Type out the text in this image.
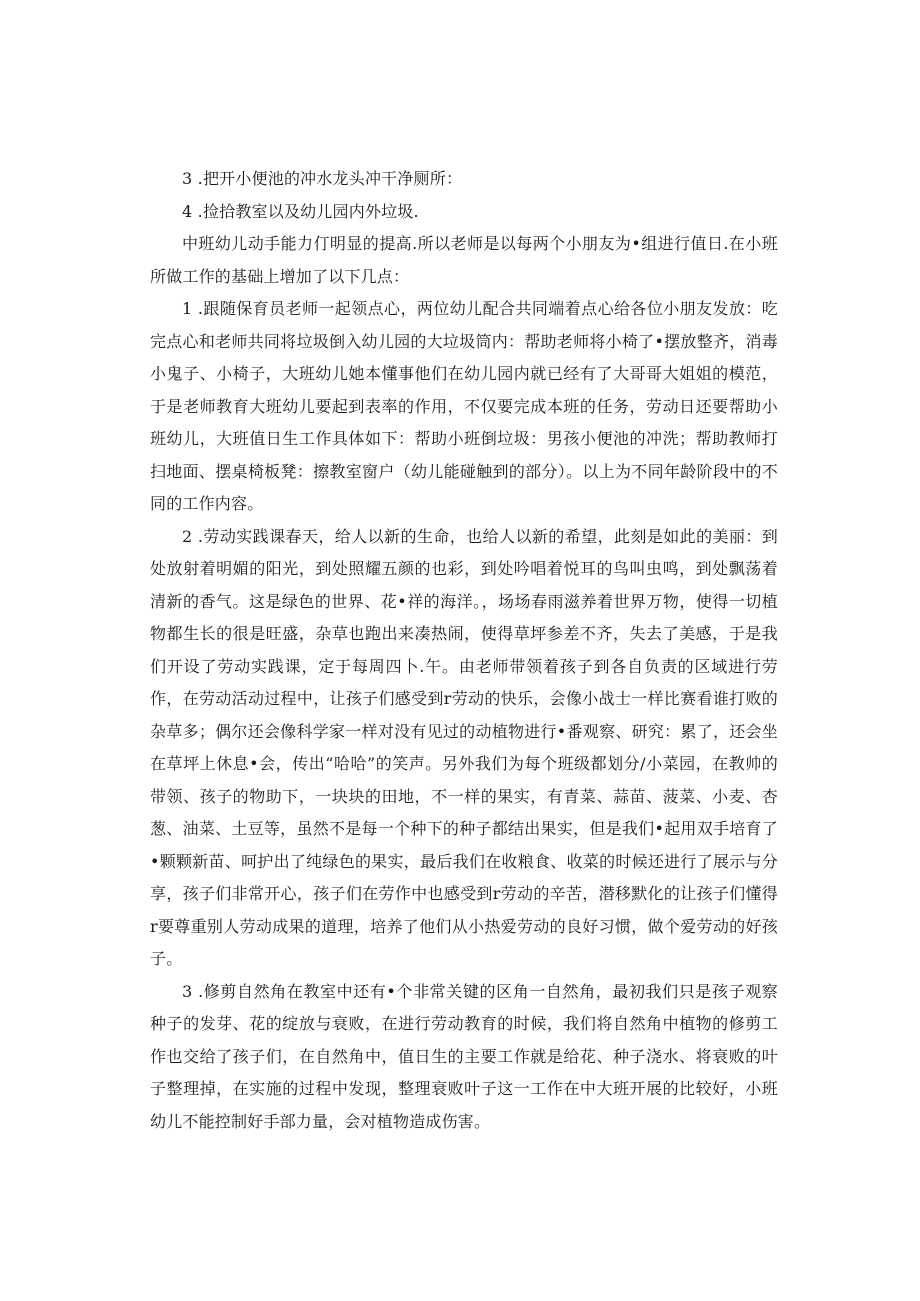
3 .把开小便池的冲水龙头冲干净厕所：

4 .捡拾教室以及幼儿园内外垃圾.

中班幼儿动手能力仃明显的提高.所以老师是以每两个小朋友为•组进行值日.在小班所做工作的基础上增加了以下几点：

1 .跟随保育员老师一起领点心，两位幼儿配合共同端着点心给各位小朋友发放：吃完点心和老师共同将垃圾倒入幼儿园的大垃圾筒内：帮助老师将小椅了•摆放整齐，消毒小鬼子、小椅子，大班幼儿她本懂事他们在幼儿园内就已经有了大哥哥大姐姐的模范，于是老师教育大班幼儿要起到表率的作用，不仅要完成本班的任务，劳动日还要帮助小班幼儿，大班值日生工作具体如下：帮助小班倒垃圾：男孩小便池的冲洗；帮助教师打扫地面、摆桌椅板凳：擦教室窗户（幼儿能碰触到的部分）。以上为不同年龄阶段中的不同的工作内容。

2 .劳动实践课春天，给人以新的生命，也给人以新的希望，此刻是如此的美丽：到处放射着明媚的阳光，到处照耀五颜的也彩，到处吟唱着悦耳的鸟叫虫鸣，到处飘荡着清新的香气。这是绿色的世界、花•祥的海洋。，场场春雨滋养着世界万物，使得一切植物都生长的很是旺盛，杂草也跑出来凑热闹，使得草坪参差不齐，失去了美感，于是我们开设了劳动实践课，定于每周四卜.午。由老师带领着孩子到各自负责的区域进行劳作，在劳动活动过程中，让孩子们感受到r劳动的快乐，会像小战士一样比赛看谁打败的杂草多；偶尔还会像科学家一样对没有见过的动植物进行•番观察、研究：累了，还会坐在草坪上休息•会，传出“哈哈”的笑声。另外我们为每个班级都划分/小菜园，在教帅的带领、孩子的物助下，一块块的田地，不一样的果实，有青菜、蒜苗、菠菜、小麦、杏葱、油菜、土豆等，虽然不是每一个种下的种子都结出果实，但是我们•起用双手培育了•颗颗新苗、呵护出了纯绿色的果实，最后我们在收粮食、收菜的时候还进行了展示与分享，孩子们非常开心，孩子们在劳作中也感受到r劳动的辛苦，潜移默化的让孩子们懂得r要尊重别人劳动成果的道理，培养了他们从小热爱劳动的良好习惯，做个爱劳动的好孩子。

3 .修剪自然角在教室中还有•个非常关键的区角一自然角，最初我们只是孩子观察种子的发芽、花的绽放与衰败，在进行劳动教育的时候，我们将自然角中植物的修剪工作也交给了孩子们，在自然角中，值日生的主要工作就是给花、种子浇水、将衰败的叶子整理掉，在实施的过程中发现，整理衰败叶子这一工作在中大班开展的比较好，小班幼儿不能控制好手部力量，会对植物造成伤害。
